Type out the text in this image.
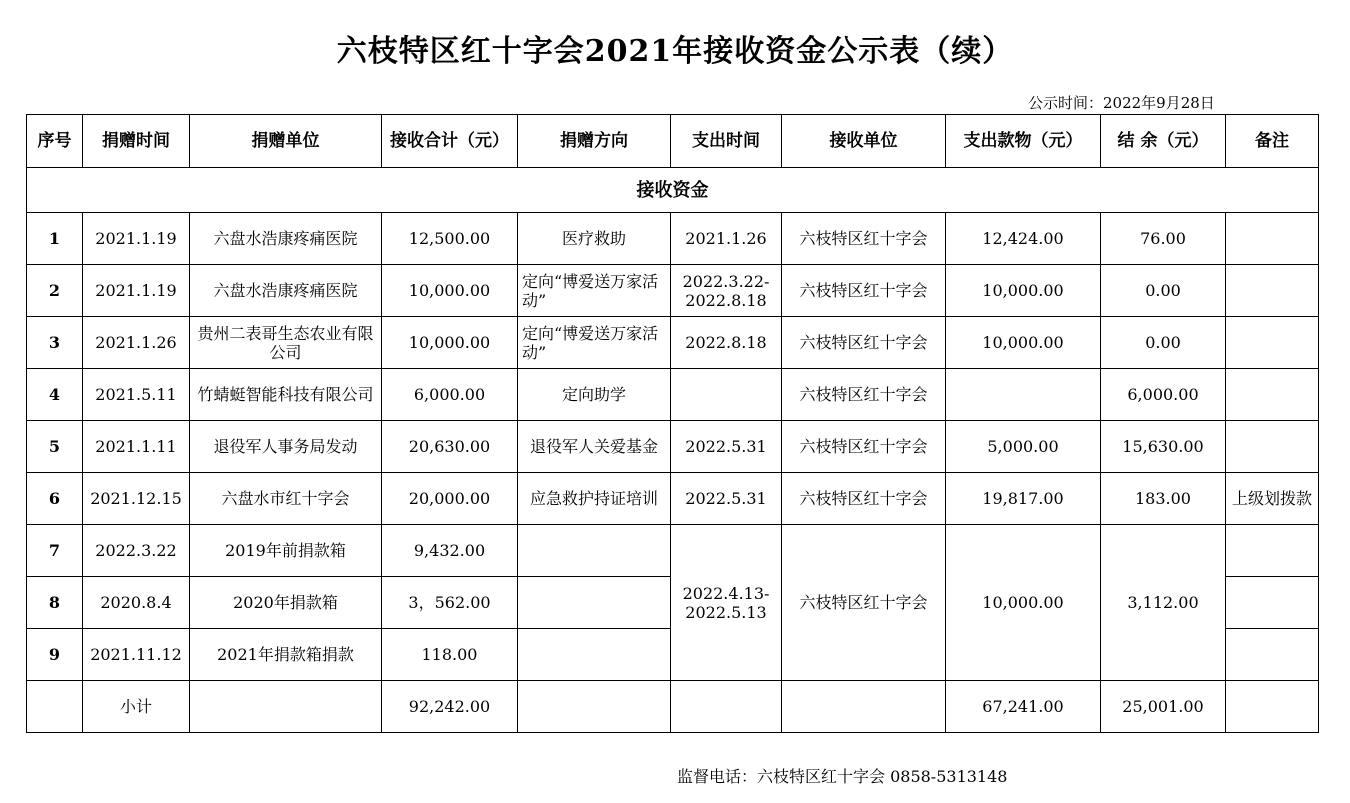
六枝特区红十字会2021年接收资金公示表（续）
公示时间：2022年9月28日
序号	捐赠时间	捐赠单位	接收合计（元）	捐赠方向	支出时间	接收单位	支出款物（元）	结 余（元）	备注
接收资金									
1	2021.1.19	六盘水浩康疼痛医院	12,500.00	医疗救助	2021.1.26	六枝特区红十字会	12,424.00	76.00	
2	2021.1.19	六盘水浩康疼痛医院	10,000.00	定向“博爱送万家活动”	2022.3.22-2022.8.18	六枝特区红十字会	10,000.00	0.00	
3	2021.1.26	贵州二表哥生态农业有限公司	10,000.00	定向“博爱送万家活动”	2022.8.18	六枝特区红十字会	10,000.00	0.00	
4	2021.5.11	竹蜻蜓智能科技有限公司	6,000.00	定向助学		六枝特区红十字会		6,000.00	
5	2021.1.11	退役军人事务局发动	20,630.00	退役军人关爱基金	2022.5.31	六枝特区红十字会	5,000.00	15,630.00	
6	2021.12.15	六盘水市红十字会	20,000.00	应急救护持证培训	2022.5.31	六枝特区红十字会	19,817.00	183.00	上级划拨款
7	2022.3.22	2019年前捐款箱	9,432.00		2022.4.13-2022.5.13	六枝特区红十字会	10,000.00	3,112.00	
8	2020.8.4	2020年捐款箱	3，562.00						
9	2021.11.12	2021年捐款箱捐款	118.00						
	小计		92,242.00				67,241.00	25,001.00	
监督电话：六枝特区红十字会 0858-5313148
